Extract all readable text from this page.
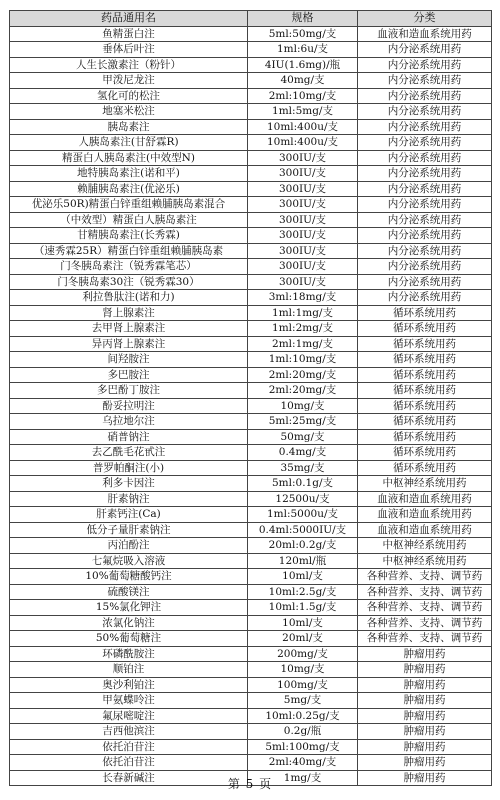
药品通用名	规格	分类
鱼精蛋白注	5ml:50mg/支	血液和造血系统用药
垂体后叶注	1ml:6u/支	内分泌系统用药
人生长激素注（粉针）	4IU(1.6mg)/瓶	内分泌系统用药
甲泼尼龙注	40mg/支	内分泌系统用药
氢化可的松注	2ml:10mg/支	内分泌系统用药
地塞米松注	1ml:5mg/支	内分泌系统用药
胰岛素注	10ml:400u/支	内分泌系统用药
人胰岛素注(甘舒霖R)	10ml:400u/支	内分泌系统用药
精蛋白人胰岛素注(中效型N)	300IU/支	内分泌系统用药
地特胰岛素注(诺和平)	300IU/支	内分泌系统用药
赖脯胰岛素注(优泌乐)	300IU/支	内分泌系统用药
优泌乐50R)精蛋白锌重组赖脯胰岛素混合	300IU/支	内分泌系统用药
（中效型）精蛋白人胰岛素注	300IU/支	内分泌系统用药
甘精胰岛素注(长秀霖)	300IU/支	内分泌系统用药
（速秀霖25R）精蛋白锌重组赖脯胰岛素	300IU/支	内分泌系统用药
门冬胰岛素注（锐秀霖笔芯）	300IU/支	内分泌系统用药
门冬胰岛素30注（锐秀霖30）	300IU/支	内分泌系统用药
利拉鲁肽注(诺和力)	3ml:18mg/支	内分泌系统用药
肾上腺素注	1ml:1mg/支	循环系统用药
去甲肾上腺素注	1ml:2mg/支	循环系统用药
异丙肾上腺素注	2ml:1mg/支	循环系统用药
间羟胺注	1ml:10mg/支	循环系统用药
多巴胺注	2ml:20mg/支	循环系统用药
多巴酚丁胺注	2ml:20mg/支	循环系统用药
酚妥拉明注	10mg/支	循环系统用药
乌拉地尔注	5ml:25mg/支	循环系统用药
硝普钠注	50mg/支	循环系统用药
去乙酰毛花甙注	0.4mg/支	循环系统用药
普罗帕酮注(小)	35mg/支	循环系统用药
利多卡因注	5ml:0.1g/支	中枢神经系统用药
肝素钠注	12500u/支	血液和造血系统用药
肝素钙注(Ca)	1ml:5000u/支	血液和造血系统用药
低分子量肝素钠注	0.4ml:5000IU/支	血液和造血系统用药
丙泊酚注	20ml:0.2g/支	中枢神经系统用药
七氟烷吸入溶液	120ml/瓶	中枢神经系统用药
10%葡萄糖酸钙注	10ml/支	各种营养、支持、调节药
硫酸镁注	10ml:2.5g/支	各种营养、支持、调节药
15%氯化钾注	10ml:1.5g/支	各种营养、支持、调节药
浓氯化钠注	10ml/支	各种营养、支持、调节药
50%葡萄糖注	20ml/支	各种营养、支持、调节药
环磷酰胺注	200mg/支	肿瘤用药
顺铂注	10mg/支	肿瘤用药
奥沙利铂注	100mg/支	肿瘤用药
甲氨蝶呤注	5mg/支	肿瘤用药
氟尿嘧啶注	10ml:0.25g/支	肿瘤用药
吉西他滨注	0.2g/瓶	肿瘤用药
依托泊苷注	5ml:100mg/支	肿瘤用药
依托泊苷注	2ml:40mg/支	肿瘤用药
长春新碱注	1mg/支	肿瘤用药
第 5 页
